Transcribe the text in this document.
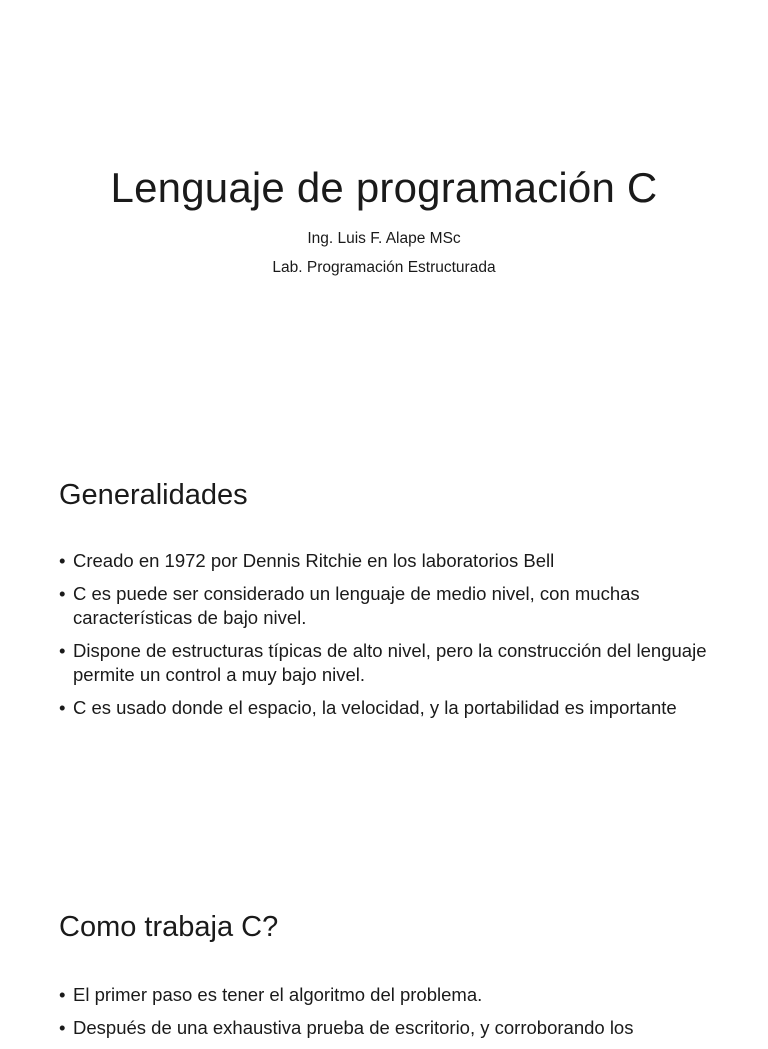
Lenguaje de programación C

Ing. Luis F. Alape MSc

Lab. Programación Estructurada

Generalidades
• Creado en 1972 por Dennis Ritchie en los laboratorios Bell
• C es puede ser considerado un lenguaje de medio nivel, con muchas características de bajo nivel.
• Dispone de estructuras típicas de alto nivel, pero la construcción del lenguaje permite un control a muy bajo nivel.
• C es usado donde el espacio, la velocidad, y la portabilidad es importante
Como trabaja C?
• El primer paso es tener el algoritmo del problema.
• Después de una exhaustiva prueba de escritorio, y corroborando los
